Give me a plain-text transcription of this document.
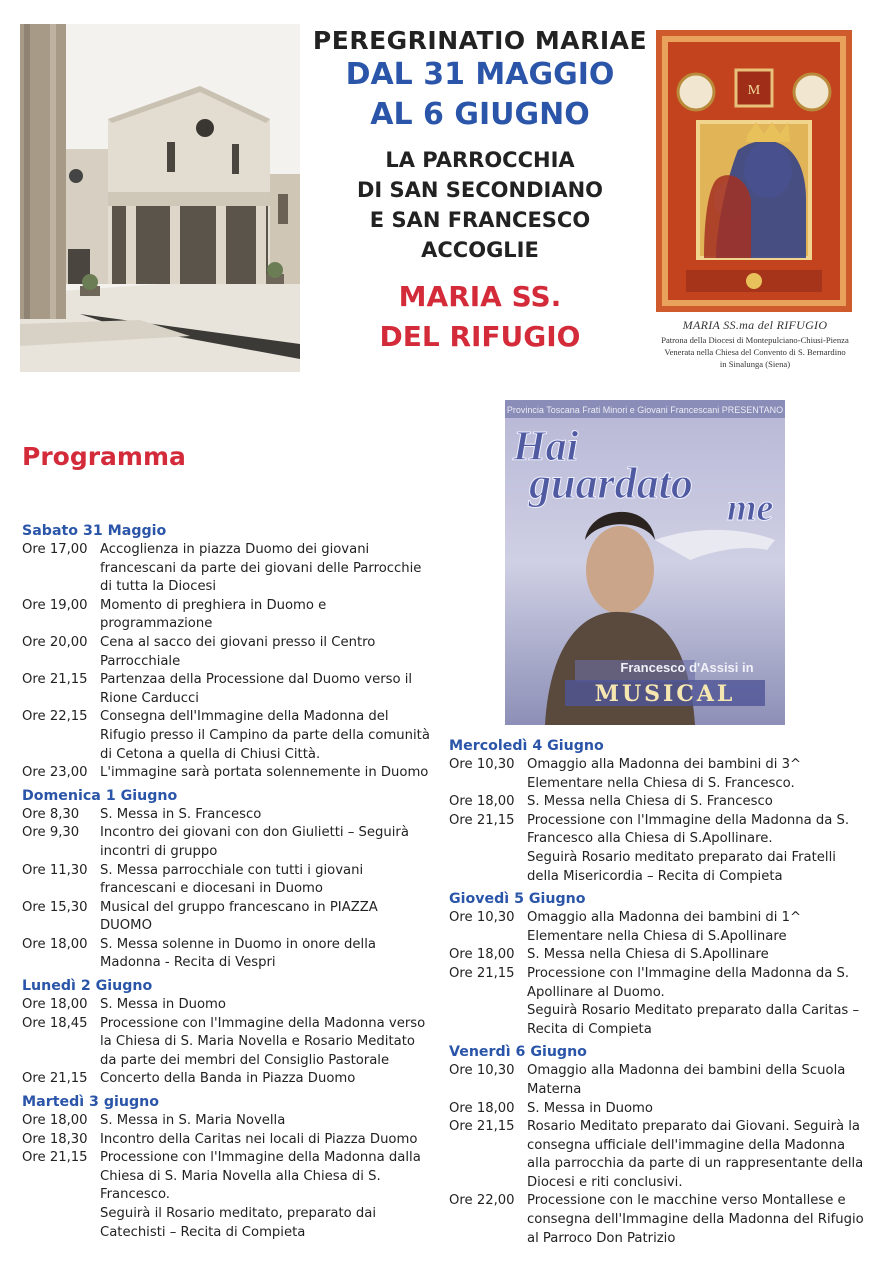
PEREGRINATIO MARIAE
DAL 31 MAGGIO
AL 6 GIUGNO
LA PARROCCHIA
DI SAN SECONDIANO
E SAN FRANCESCO
ACCOGLIE
MARIA SS.
DEL RIFUGIO
M
MARIA SS.ma del RIFUGIO
Patrona della Diocesi di Montepulciano-Chiusi-Pienza
Venerata nella Chiesa del Convento di S. Bernardino
in Sinalunga (Siena)
Provincia Toscana Frati Minori e Giovani Francescani PRESENTANO
Hai
guardato me
Francesco d'Assisi in
MUSICAL
Programma
Sabato 31 Maggio
Ore 17,00 Accoglienza in piazza Duomo dei giovani francescani da parte dei giovani delle Parrocchie di tutta la Diocesi
Ore 19,00 Momento di preghiera in Duomo e programmazione
Ore 20,00 Cena al sacco dei giovani presso il Centro Parrocchiale
Ore 21,15 Partenzaa della Processione dal Duomo verso il Rione Carducci
Ore 22,15 Consegna dell'Immagine della Madonna del Rifugio presso il Campino da parte della comunità di Cetona a quella di Chiusi Città.
Ore 23,00 L'immagine sarà portata solennemente in Duomo
Domenica 1 Giugno
Ore 8,30	S. Messa in S. Francesco
Ore 9,30	Incontro dei giovani con don Giulietti – Seguirà incontri di gruppo
Ore 11,30 S. Messa parrocchiale con tutti i giovani francescani e diocesani in Duomo
Ore 15,30 Musical del gruppo francescano in PIAZZA DUOMO
Ore 18,00 S. Messa solenne in Duomo in onore della Madonna - Recita di Vespri
Lunedì 2 Giugno
Ore 18,00 S. Messa in Duomo
Ore 18,45 Processione con l'Immagine della Madonna verso la Chiesa di S. Maria Novella e Rosario Meditato da parte dei membri del Consiglio Pastorale
Ore 21,15 Concerto della Banda in Piazza Duomo
Martedì 3 giugno
Ore 18,00 S. Messa in S. Maria Novella
Ore 18,30 Incontro della Caritas nei locali di Piazza Duomo
Ore 21,15 Processione con l'Immagine della Madonna dalla Chiesa di S. Maria Novella alla Chiesa di S. Francesco.
Seguirà il Rosario meditato, preparato dai Catechisti – Recita di Compieta
Mercoledì 4 Giugno
Ore 10,30 Omaggio alla Madonna dei bambini di 3^ Elementare nella Chiesa di S. Francesco.
Ore 18,00 S. Messa nella Chiesa di S. Francesco
Ore 21,15 Processione con l'Immagine della Madonna da S. Francesco alla Chiesa di S.Apollinare.
Seguirà Rosario meditato preparato dai Fratelli della Misericordia – Recita di Compieta
Giovedì 5 Giugno
Ore 10,30 Omaggio alla Madonna dei bambini di 1^ Elementare nella Chiesa di S.Apollinare
Ore 18,00 S. Messa nella Chiesa di S.Apollinare
Ore 21,15 Processione con l'Immagine della Madonna da S. Apollinare al Duomo.
Seguirà Rosario Meditato preparato dalla Caritas – Recita di Compieta
Venerdì 6 Giugno
Ore 10,30 Omaggio alla Madonna dei bambini della Scuola Materna
Ore 18,00 S. Messa in Duomo
Ore 21,15 Rosario Meditato preparato dai Giovani. Seguirà la consegna ufficiale dell'immagine della Madonna alla parrocchia da parte di un rappresentante della Diocesi e riti conclusivi.
Ore 22,00 Processione con le macchine verso Montallese e consegna dell'Immagine della Madonna del Rifugio al Parroco Don Patrizio
